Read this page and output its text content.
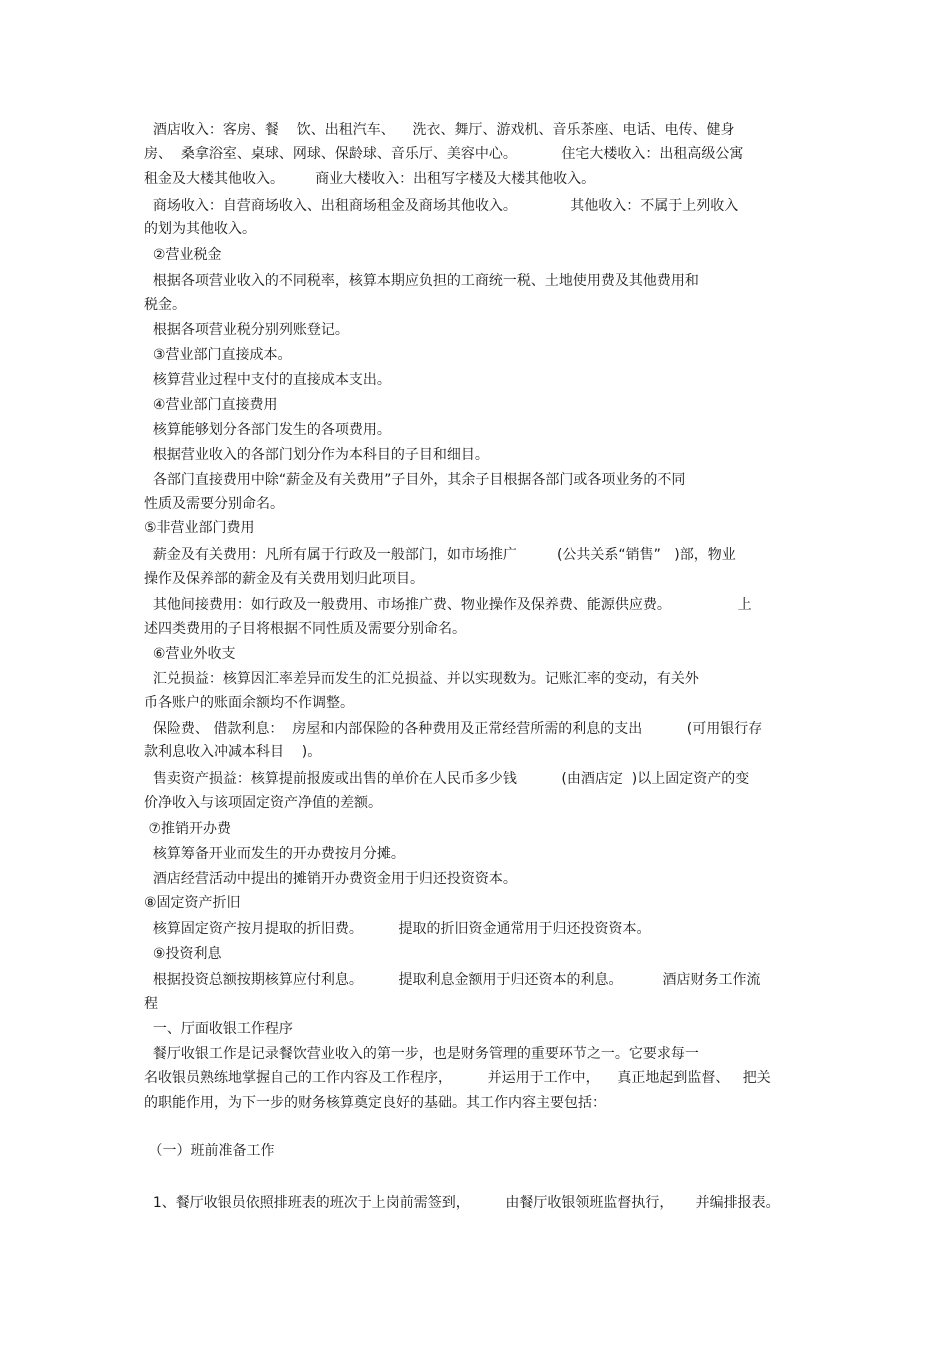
酒店收入：客房、餐    饮、出租汽车、    洗衣、舞厅、游戏机、音乐茶座、电话、电传、健身

房、  桑拿浴室、桌球、网球、保龄球、音乐厅、美容中心。          住宅大楼收入：出租高级公寓

租金及大楼其他收入。       商业大楼收入：出租写字楼及大楼其他收入。

商场收入：自营商场收入、出租商场租金及商场其他收入。            其他收入：不属于上列收入

的划为其他收入。

②营业税金

根据各项营业收入的不同税率，核算本期应负担的工商统一税、土地使用费及其他费用和

税金。

根据各项营业税分别列账登记。

③营业部门直接成本。

核算营业过程中支付的直接成本支出。

④营业部门直接费用

核算能够划分各部门发生的各项费用。

根据营业收入的各部门划分作为本科目的子目和细目。

各部门直接费用中除“薪金及有关费用”子目外，其余子目根据各部门或各项业务的不同

性质及需要分别命名。

⑤非营业部门费用

薪金及有关费用：凡所有属于行政及一般部门，如市场推广         (公共关系“销售”   )部，物业

操作及保养部的薪金及有关费用划归此项目。

其他间接费用：如行政及一般费用、市场推广费、物业操作及保养费、能源供应费。               上

述四类费用的子目将根据不同性质及需要分别命名。

⑥营业外收支

汇兑损益：核算因汇率差异而发生的汇兑损益、并以实现数为。记账汇率的变动，有关外

币各账户的账面余额均不作调整。

保险费、 借款利息：  房屋和内部保险的各种费用及正常经营所需的利息的支出          (可用银行存

款利息收入冲减本科目    )。

售卖资产损益：核算提前报废或出售的单价在人民币多少钱          (由酒店定  )以上固定资产的变

价净收入与该项固定资产净值的差额。

⑦推销开办费

核算筹备开业而发生的开办费按月分摊。

酒店经营活动中提出的摊销开办费资金用于归还投资资本。

⑧固定资产折旧

核算固定资产按月提取的折旧费。        提取的折旧资金通常用于归还投资资本。

⑨投资利息

根据投资总额按期核算应付利息。        提取利息金额用于归还资本的利息。         酒店财务工作流

程

一、厅面收银工作程序

餐厅收银工作是记录餐饮营业收入的第一步，也是财务管理的重要环节之一。它要求每一

名收银员熟练地掌握自己的工作内容及工作程序，        并运用于工作中，    真正地起到监督、   把关

的职能作用，为下一步的财务核算奠定良好的基础。其工作内容主要包括：

（一）班前准备工作

1、餐厅收银员依照排班表的班次于上岗前需签到，        由餐厅收银领班监督执行，     并编排报表。
